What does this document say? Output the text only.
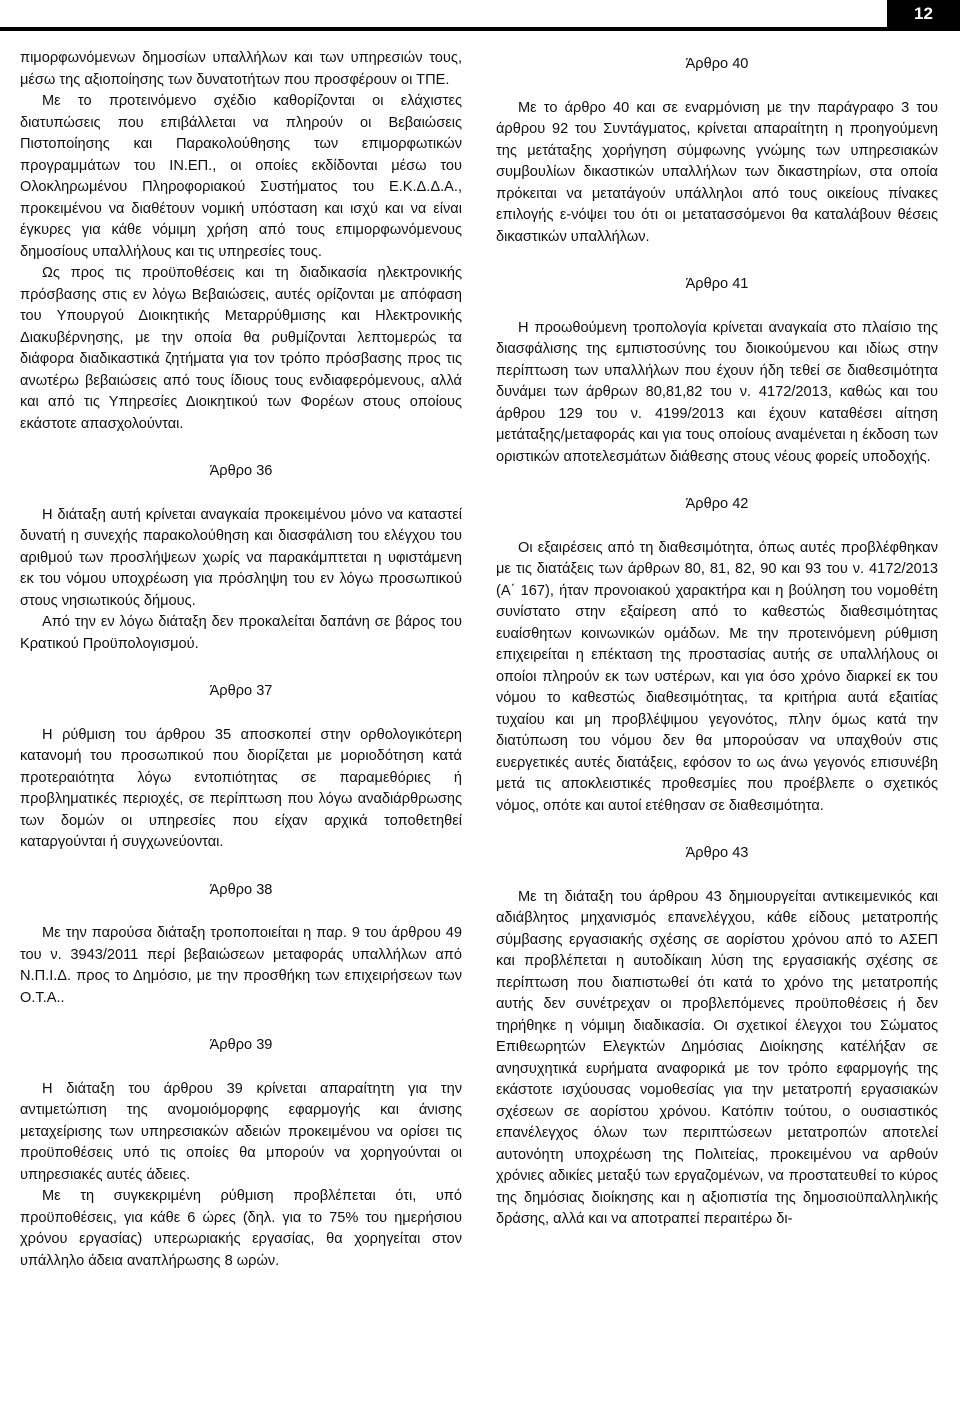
12

πιμορφωνόμενων δημοσίων υπαλλήλων και των υπηρεσιών τους, μέσω της αξιοποίησης των δυνατοτήτων που προσφέρουν οι ΤΠΕ.

Με το προτεινόμενο σχέδιο καθορίζονται οι ελάχιστες διατυπώσεις που επιβάλλεται να πληρούν οι Βεβαιώσεις Πιστοποίησης και Παρακολούθησης των επιμορφωτικών προγραμμάτων του ΙΝ.ΕΠ., οι οποίες εκδίδονται μέσω του Ολοκληρωμένου Πληροφοριακού Συστήματος του Ε.Κ.Δ.Δ.Α., προκειμένου να διαθέτουν νομική υπόσταση και ισχύ και να είναι έγκυρες για κάθε νόμιμη χρήση από τους επιμορφωνόμενους δημοσίους υπαλλήλους και τις υπηρεσίες τους.

Ως προς τις προϋποθέσεις και τη διαδικασία ηλεκτρονικής πρόσβασης στις εν λόγω Βεβαιώσεις, αυτές ορίζονται με απόφαση του Υπουργού Διοικητικής Μεταρρύθμισης και Ηλεκτρονικής Διακυβέρνησης, με την οποία θα ρυθμίζονται λεπτομερώς τα διάφορα διαδικαστικά ζητήματα για τον τρόπο πρόσβασης προς τις ανωτέρω βεβαιώσεις από τους ίδιους τους ενδιαφερόμενους, αλλά και από τις Υπηρεσίες Διοικητικού των Φορέων στους οποίους εκάστοτε απασχολούνται.

Άρθρο 36

Η διάταξη αυτή κρίνεται αναγκαία προκειμένου μόνο να καταστεί δυνατή η συνεχής παρακολούθηση και διασφάλιση του ελέγχου του αριθμού των προσλήψεων χωρίς να παρακάμπτεται η υφιστάμενη εκ του νόμου υποχρέωση για πρόσληψη του εν λόγω προσωπικού στους νησιωτικούς δήμους.

Από την εν λόγω διάταξη δεν προκαλείται δαπάνη σε βάρος του Κρατικού Προϋπολογισμού.

Άρθρο 37

Η ρύθμιση του άρθρου 35 αποσκοπεί στην ορθολογικότερη κατανομή του προσωπικού που διορίζεται με μοριοδότηση κατά προτεραιότητα λόγω εντοπιότητας σε παραμεθόριες ή προβληματικές περιοχές, σε περίπτωση που λόγω αναδιάρθρωσης των δομών οι υπηρεσίες που είχαν αρχικά τοποθετηθεί καταργούνται ή συγχωνεύονται.

Άρθρο 38

Με την παρούσα διάταξη τροποποιείται η παρ. 9 του άρθρου 49 του ν. 3943/2011 περί βεβαιώσεων μεταφοράς υπαλλήλων από Ν.Π.Ι.Δ. προς το Δημόσιο, με την προσθήκη των επιχειρήσεων των Ο.Τ.Α..

Άρθρο 39

Η διάταξη του άρθρου 39 κρίνεται απαραίτητη για την αντιμετώπιση της ανομοιόμορφης εφαρμογής και άνισης μεταχείρισης των υπηρεσιακών αδειών προκειμένου να ορίσει τις προϋποθέσεις υπό τις οποίες θα μπορούν να χορηγούνται οι υπηρεσιακές αυτές άδειες.

Με τη συγκεκριμένη ρύθμιση προβλέπεται ότι, υπό προϋποθέσεις, για κάθε 6 ώρες (δηλ. για το 75% του ημερήσιου χρόνου εργασίας) υπερωριακής εργασίας, θα χορηγείται στον υπάλληλο άδεια αναπλήρωσης 8 ωρών.

Άρθρο 40

Με το άρθρο 40 και σε εναρμόνιση με την παράγραφο 3 του άρθρου 92 του Συντάγματος, κρίνεται απαραίτητη η προηγούμενη της μετάταξης χορήγηση σύμφωνης γνώμης των υπηρεσιακών συμβουλίων δικαστικών υπαλλήλων των δικαστηρίων, στα οποία πρόκειται να μετατάγούν υπάλληλοι από τους οικείους πίνακες επιλογής ε-νόψει του ότι οι μετατασσόμενοι θα καταλάβουν θέσεις δικαστικών υπαλλήλων.

Άρθρο 41

Η προωθούμενη τροπολογία κρίνεται αναγκαία στο πλαίσιο της διασφάλισης της εμπιστοσύνης του διοικούμενου και ιδίως στην περίπτωση των υπαλλήλων που έχουν ήδη τεθεί σε διαθεσιμότητα δυνάμει των άρθρων 80,81,82 του ν. 4172/2013, καθώς και του άρθρου 129 του ν. 4199/2013 και έχουν καταθέσει αίτηση μετάταξης/μεταφοράς και για τους οποίους αναμένεται η έκδοση των οριστικών αποτελεσμάτων διάθεσης στους νέους φορείς υποδοχής.

Άρθρο 42

Οι εξαιρέσεις από τη διαθεσιμότητα, όπως αυτές προβλέφθηκαν με τις διατάξεις των άρθρων 80, 81, 82, 90 και 93 του ν. 4172/2013 (Α΄ 167), ήταν προνοιακού χαρακτήρα και η βούληση του νομοθέτη συνίστατο στην εξαίρεση από το καθεστώς διαθεσιμότητας ευαίσθητων κοινωνικών ομάδων. Με την προτεινόμενη ρύθμιση επιχειρείται η επέκταση της προστασίας αυτής σε υπαλλήλους οι οποίοι πληρούν εκ των υστέρων, και για όσο χρόνο διαρκεί εκ του νόμου το καθεστώς διαθεσιμότητας, τα κριτήρια αυτά εξαιτίας τυχαίου και μη προβλέψιμου γεγονότος, πλην όμως κατά την διατύπωση του νόμου δεν θα μπορούσαν να υπαχθούν στις ευεργετικές αυτές διατάξεις, εφόσον το ως άνω γεγονός επισυνέβη μετά τις αποκλειστικές προθεσμίες που προέβλεπε ο σχετικός νόμος, οπότε και αυτοί ετέθησαν σε διαθεσιμότητα.

Άρθρο 43

Με τη διάταξη του άρθρου 43 δημιουργείται αντικειμενικός και αδιάβλητος μηχανισμός επανελέγχου, κάθε είδους μετατροπής σύμβασης εργασιακής σχέσης σε αορίστου χρόνου από το ΑΣΕΠ και προβλέπεται η αυτοδίκαιη λύση της εργασιακής σχέσης σε περίπτωση που διαπιστωθεί ότι κατά το χρόνο της μετατροπής αυτής δεν συνέτρεχαν οι προβλεπόμενες προϋποθέσεις ή δεν τηρήθηκε η νόμιμη διαδικασία. Οι σχετικοί έλεγχοι του Σώματος Επιθεωρητών Ελεγκτών Δημόσιας Διοίκησης κατέλήξαν σε ανησυχητικά ευρήματα αναφορικά με τον τρόπο εφαρμογής της εκάστοτε ισχύουσας νομοθεσίας για την μετατροπή εργασιακών σχέσεων σε αορίστου χρόνου. Κατόπιν τούτου, ο ουσιαστικός επανέλεγχος όλων των περιπτώσεων μετατροπών αποτελεί αυτονόητη υποχρέωση της Πολιτείας, προκειμένου να αρθούν χρόνιες αδικίες μεταξύ των εργαζομένων, να προστατευθεί το κύρος της δημόσιας διοίκησης και η αξιοπιστία της δημοσιοϋπαλληλικής δράσης, αλλά και να αποτραπεί περαιτέρω δι-
